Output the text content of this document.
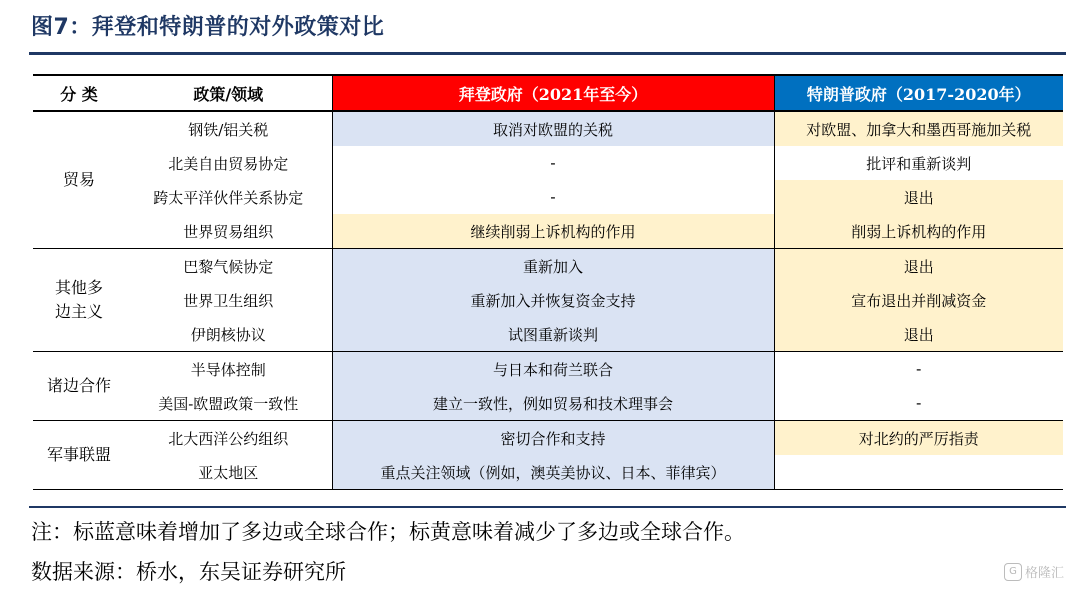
图7：拜登和特朗普的对外政策对比
分 类	政策/领域	拜登政府（2021年至今）	特朗普政府（2017-2020年）
贸易	钢铁/铝关税	取消对欧盟的关税	对欧盟、加拿大和墨西哥施加关税
	北美自由贸易协定	-	批评和重新谈判
	跨太平洋伙伴关系协定	-	退出
	世界贸易组织	继续削弱上诉机构的作用	削弱上诉机构的作用
其他多边主义	巴黎气候协定	重新加入	退出
	世界卫生组织	重新加入并恢复资金支持	宣布退出并削减资金
	伊朗核协议	试图重新谈判	退出
诸边合作	半导体控制	与日本和荷兰联合	-
	美国-欧盟政策一致性	建立一致性，例如贸易和技术理事会	-
军事联盟	北大西洋公约组织	密切合作和支持	对北约的严厉指责
	亚太地区	重点关注领域（例如，澳英美协议、日本、菲律宾）	
注：标蓝意味着增加了多边或全球合作；标黄意味着减少了多边或全球合作。
数据来源：桥水，东吴证券研究所	G 格隆汇
